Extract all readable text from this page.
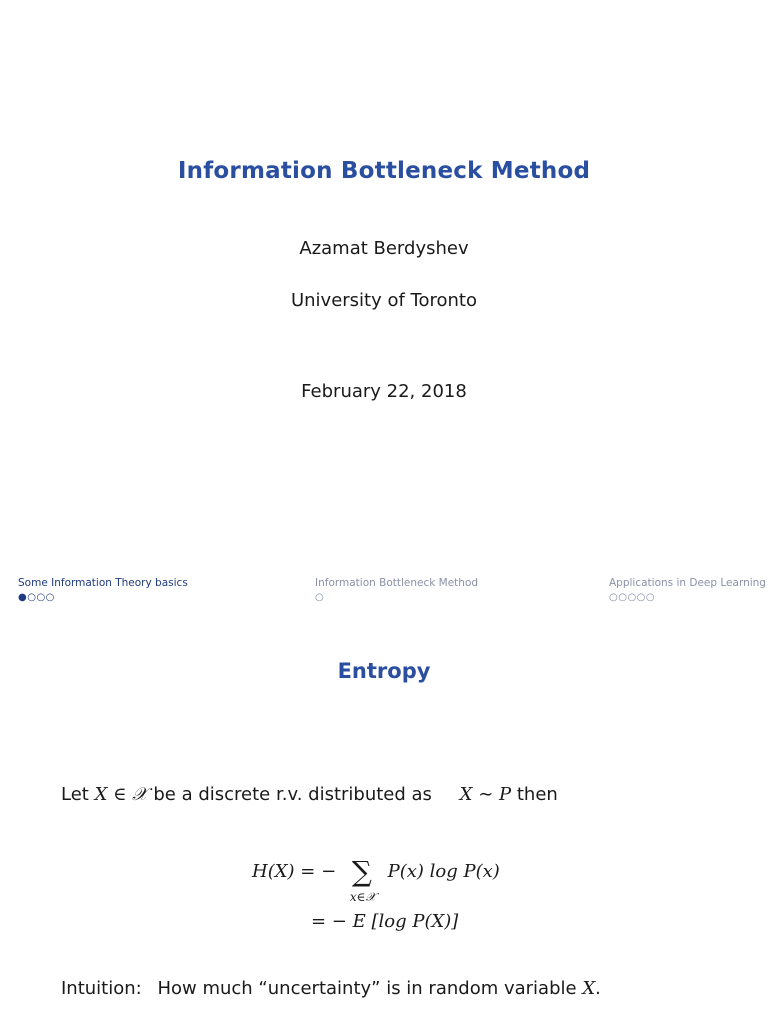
Information Bottleneck Method
Azamat Berdyshev
University of Toronto
February 22, 2018
Some Information Theory basics
●○○○
Information Bottleneck Method
○
Applications in Deep Learning
○○○○○
Entropy
Let X ∈ 𝒳 be a discrete r.v. distributed as X ∼ P then
H(X) = − ∑
x∈𝒳
P(x) log P(x)
= − E [log P(X)]
Intuition: How much “uncertainty” is in random variable X.
